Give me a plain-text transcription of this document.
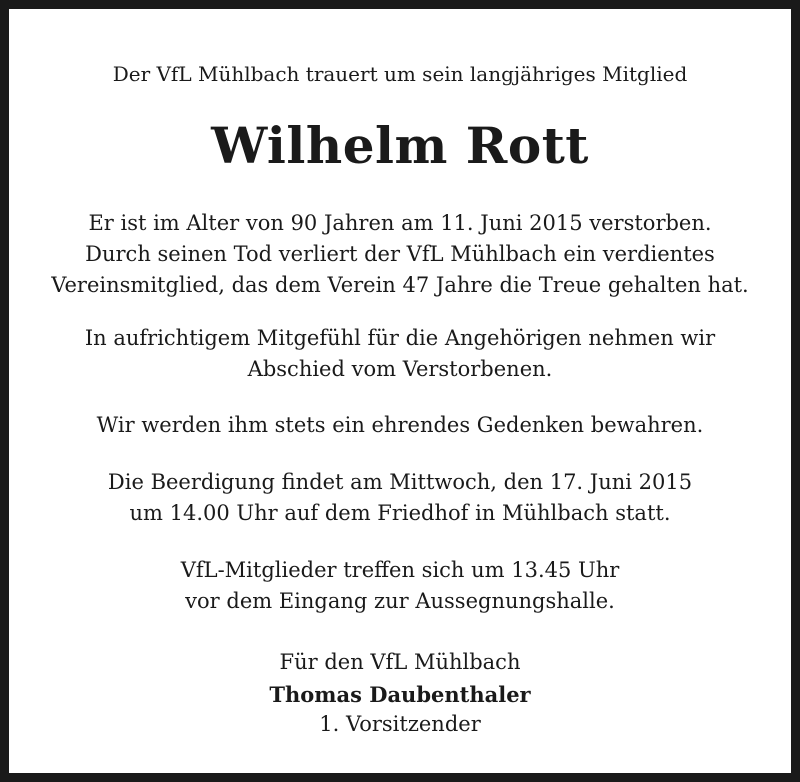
Der VfL Mühlbach trauert um sein langjähriges Mitglied

Wilhelm Rott
Er ist im Alter von 90 Jahren am 11. Juni 2015 verstorben.
Durch seinen Tod verliert der VfL Mühlbach ein verdientes
Vereinsmitglied, das dem Verein 47 Jahre die Treue gehalten hat.
In aufrichtigem Mitgefühl für die Angehörigen nehmen wir
Abschied vom Verstorbenen.
Wir werden ihm stets ein ehrendes Gedenken bewahren.
Die Beerdigung findet am Mittwoch, den 17. Juni 2015
um 14.00 Uhr auf dem Friedhof in Mühlbach statt.
VfL-Mitglieder treffen sich um 13.45 Uhr
vor dem Eingang zur Aussegnungshalle.

Für den VfL Mühlbach

Thomas Daubenthaler

1. Vorsitzender
